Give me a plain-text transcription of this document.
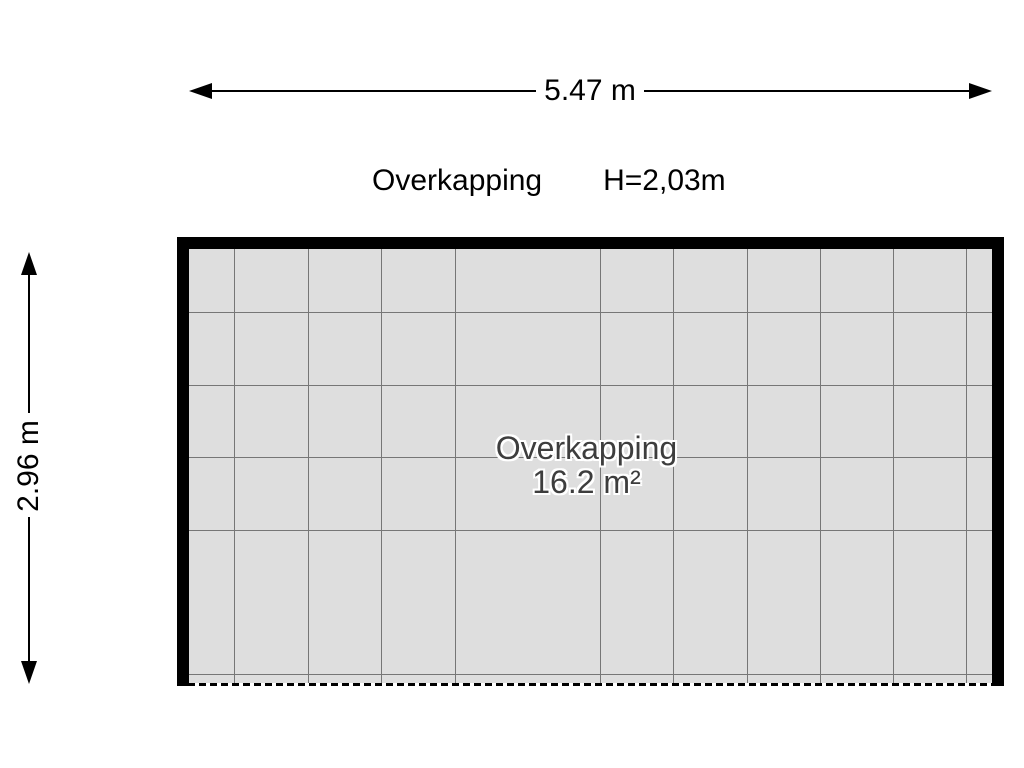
5.47 m
Overkapping H=2,03m
2.96 m	Overkapping
16.2 m²
